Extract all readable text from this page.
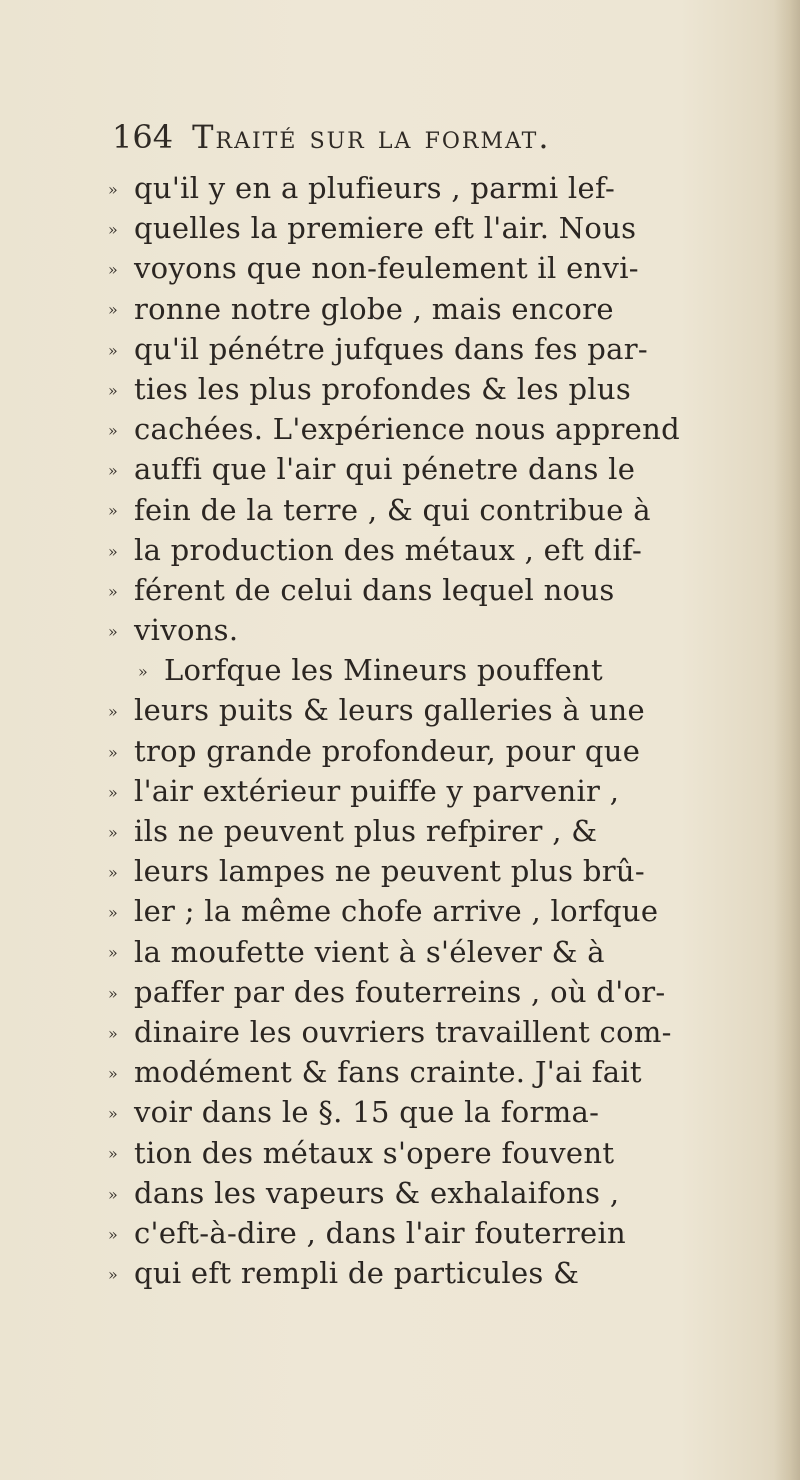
164 Traité sur la format.
» qu'il y en a plufieurs , parmi lef-
» quelles la premiere eft l'air. Nous
» voyons que non-feulement il envi-
» ronne notre globe , mais encore
» qu'il pénétre jufques dans fes par-
» ties les plus profondes & les plus
» cachées. L'expérience nous apprend
» auffi que l'air qui pénetre dans le
» fein de la terre , & qui contribue à
» la production des métaux , eft dif-
» férent de celui dans lequel nous
» vivons.
» Lorfque les Mineurs pouffent
» leurs puits & leurs galleries à une
» trop grande profondeur, pour que
» l'air extérieur puiffe y parvenir ,
» ils ne peuvent plus refpirer , &
» leurs lampes ne peuvent plus brû-
» ler ; la même chofe arrive , lorfque
» la moufette vient à s'élever & à
» paffer par des fouterreins , où d'or-
» dinaire les ouvriers travaillent com-
» modément & fans crainte. J'ai fait
» voir dans le §. 15 que la forma-
» tion des métaux s'opere fouvent
» dans les vapeurs & exhalaifons ,
» c'eft-à-dire , dans l'air fouterrein
» qui eft rempli de particules &
